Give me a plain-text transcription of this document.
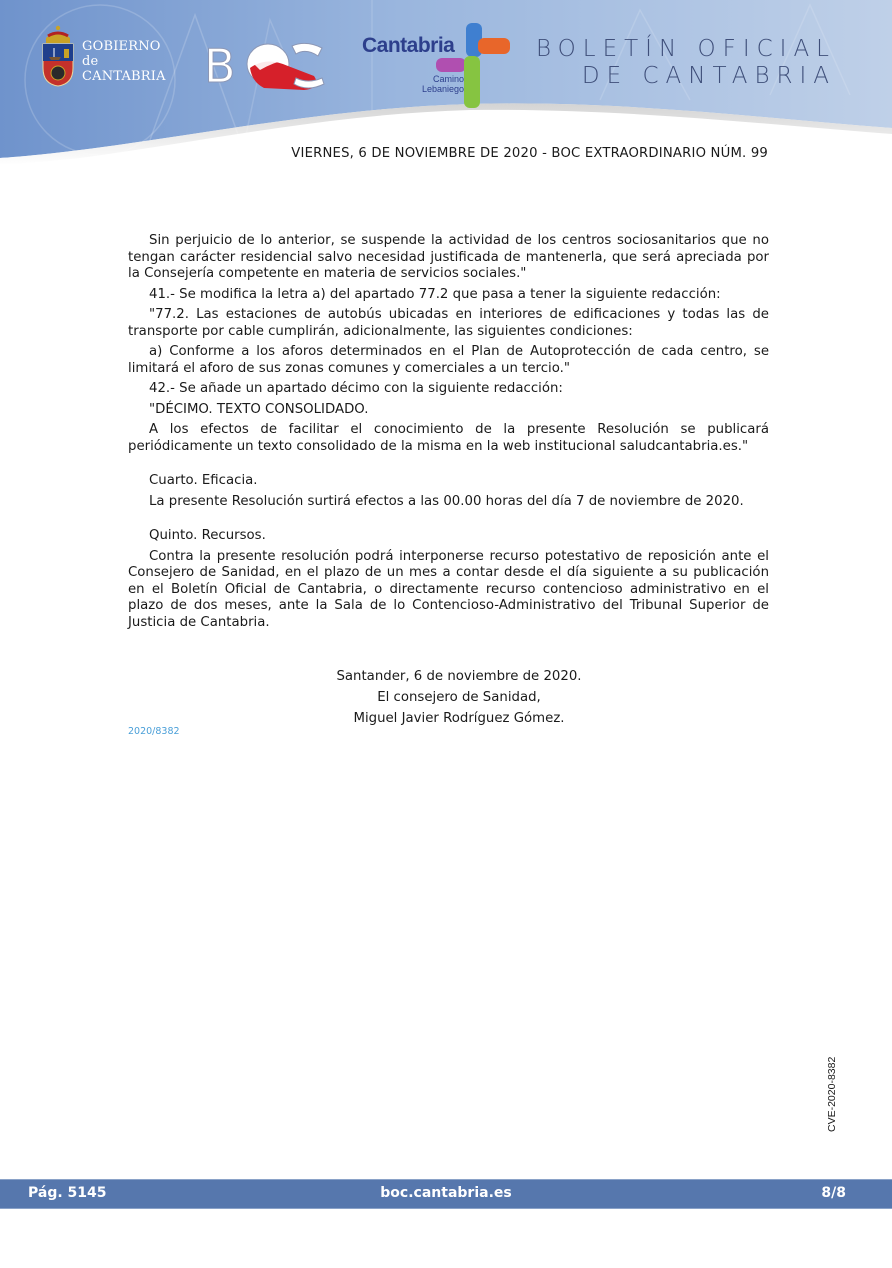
GOBIERNO
de
CANTABRIA B	Cantabria
Camino
Lebaniego
BOLETÍN OFICIAL
DE CANTABRIA
VIERNES, 6 DE NOVIEMBRE DE 2020 - BOC EXTRAORDINARIO NÚM. 99

Sin perjuicio de lo anterior, se suspende la actividad de los centros sociosanitarios que no tengan carácter residencial salvo necesidad justificada de mantenerla, que será apreciada por la Consejería competente en materia de servicios sociales."

41.- Se modifica la letra a) del apartado 77.2 que pasa a tener la siguiente redacción:

"77.2. Las estaciones de autobús ubicadas en interiores de edificaciones y todas las de transporte por cable cumplirán, adicionalmente, las siguientes condiciones:

a) Conforme a los aforos determinados en el Plan de Autoprotección de cada centro, se limitará el aforo de sus zonas comunes y comerciales a un tercio."

42.- Se añade un apartado décimo con la siguiente redacción:

"DÉCIMO. TEXTO CONSOLIDADO.

A los efectos de facilitar el conocimiento de la presente Resolución se publicará periódicamente un texto consolidado de la misma en la web institucional saludcantabria.es."

Cuarto. Eficacia.

La presente Resolución surtirá efectos a las 00.00 horas del día 7 de noviembre de 2020.

Quinto. Recursos.

Contra la presente resolución podrá interponerse recurso potestativo de reposición ante el Consejero de Sanidad, en el plazo de un mes a contar desde el día siguiente a su publicación en el Boletín Oficial de Cantabria, o directamente recurso contencioso administrativo en el plazo de dos meses, ante la Sala de lo Contencioso-Administrativo del Tribunal Superior de Justicia de Cantabria.

Santander, 6 de noviembre de 2020.
El consejero de Sanidad,
Miguel Javier Rodríguez Gómez.
2020/8382
CVE-2020-8382
Pág. 5145	boc.cantabria.es	8/8
